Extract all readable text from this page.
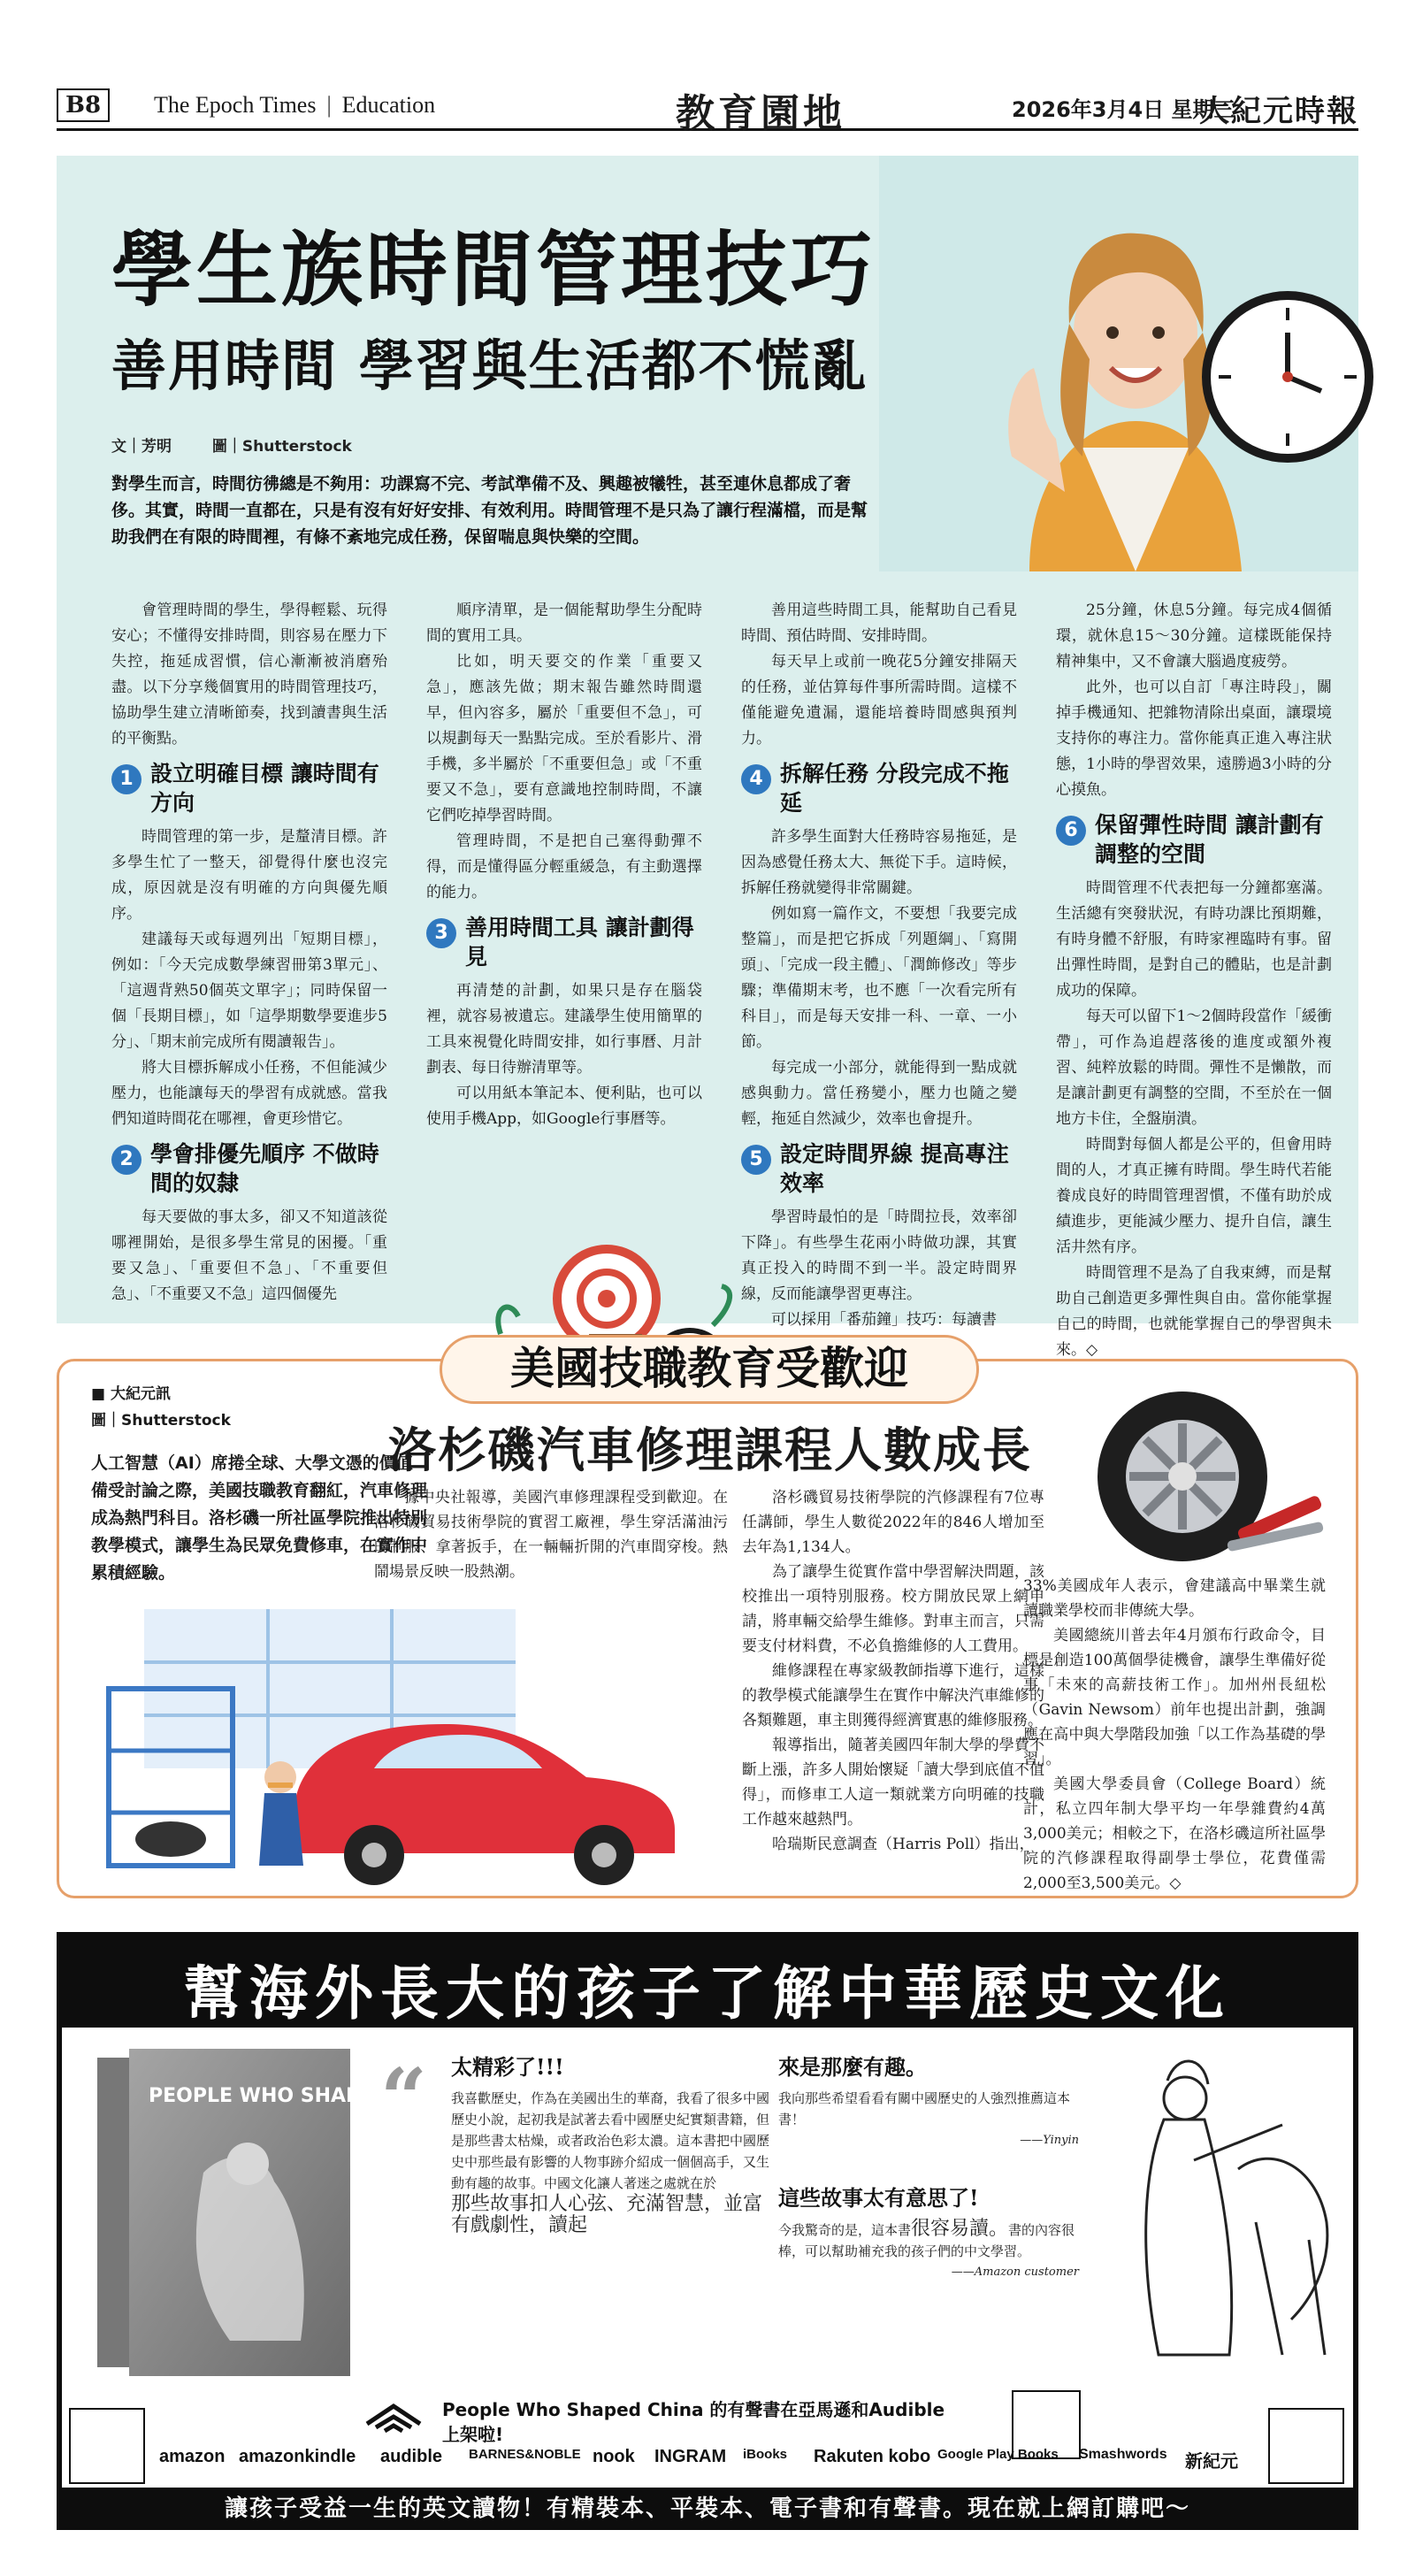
B8	The Epoch Times | Education	教育園地	2026年3月4日 星期三
大紀元時報
學生族時間管理技巧
善用時間 學習與生活都不慌亂
文｜芳明	圖｜Shutterstock

對學生而言，時間彷彿總是不夠用：功課寫不完、考試準備不及、興趣被犧牲，甚至連休息都成了奢侈。其實，時間一直都在，只是有沒有好好安排、有效利用。時間管理不是只為了讓行程滿檔，而是幫助我們在有限的時間裡，有條不紊地完成任務，保留喘息與快樂的空間。

會管理時間的學生，學得輕鬆、玩得安心；不懂得安排時間，則容易在壓力下失控，拖延成習慣，信心漸漸被消磨殆盡。以下分享幾個實用的時間管理技巧，協助學生建立清晰節奏，找到讀書與生活的平衡點。

1 設立明確目標 讓時間有方向

時間管理的第一步，是釐清目標。許多學生忙了一整天，卻覺得什麼也沒完成，原因就是沒有明確的方向與優先順序。

建議每天或每週列出「短期目標」，例如：「今天完成數學練習冊第3單元」、「這週背熟50個英文單字」；同時保留一個「長期目標」，如「這學期數學要進步5分」、「期末前完成所有閱讀報告」。

將大目標拆解成小任務，不但能減少壓力，也能讓每天的學習有成就感。當我們知道時間花在哪裡，會更珍惜它。

2 學會排優先順序 不做時間的奴隸

每天要做的事太多，卻又不知道該從哪裡開始，是很多學生常見的困擾。「重要又急」、「重要但不急」、「不重要但急」、「不重要又不急」這四個優先

順序清單，是一個能幫助學生分配時間的實用工具。

比如，明天要交的作業「重要又急」，應該先做；期末報告雖然時間還早，但內容多，屬於「重要但不急」，可以規劃每天一點點完成。至於看影片、滑手機，多半屬於「不重要但急」或「不重要又不急」，要有意識地控制時間，不讓它們吃掉學習時間。

管理時間，不是把自己塞得動彈不得，而是懂得區分輕重緩急，有主動選擇的能力。

3 善用時間工具 讓計劃得見

再清楚的計劃，如果只是存在腦袋裡，就容易被遺忘。建議學生使用簡單的工具來視覺化時間安排，如行事曆、月計劃表、每日待辦清單等。

可以用紙本筆記本、便利貼，也可以使用手機App，如Google行事曆等。

善用這些時間工具，能幫助自己看見時間、預估時間、安排時間。

每天早上或前一晚花5分鐘安排隔天的任務，並估算每件事所需時間。這樣不僅能避免遺漏，還能培養時間感與預判力。

4 拆解任務 分段完成不拖延

許多學生面對大任務時容易拖延，是因為感覺任務太大、無從下手。這時候，拆解任務就變得非常關鍵。

例如寫一篇作文，不要想「我要完成整篇」，而是把它拆成「列題綱」、「寫開頭」、「完成一段主體」、「潤飾修改」等步驟；準備期末考，也不應「一次看完所有科目」，而是每天安排一科、一章、一小節。

每完成一小部分，就能得到一點成就感與動力。當任務變小，壓力也隨之變輕，拖延自然減少，效率也會提升。

5 設定時間界線 提高專注效率

學習時最怕的是「時間拉長，效率卻下降」。有些學生花兩小時做功課，其實真正投入的時間不到一半。設定時間界線，反而能讓學習更專注。

可以採用「番茄鐘」技巧：每讀書

25分鐘，休息5分鐘。每完成4個循環，就休息15～30分鐘。這樣既能保持精神集中，又不會讓大腦過度疲勞。

此外，也可以自訂「專注時段」，關掉手機通知、把雜物清除出桌面，讓環境支持你的專注力。當你能真正進入專注狀態，1小時的學習效果，遠勝過3小時的分心摸魚。

6 保留彈性時間 讓計劃有調整的空間

時間管理不代表把每一分鐘都塞滿。生活總有突發狀況，有時功課比預期難，有時身體不舒服，有時家裡臨時有事。留出彈性時間，是對自己的體貼，也是計劃成功的保障。

每天可以留下1～2個時段當作「緩衝帶」，可作為追趕落後的進度或額外複習、純粹放鬆的時間。彈性不是懶散，而是讓計劃更有調整的空間，不至於在一個地方卡住，全盤崩潰。

時間對每個人都是公平的，但會用時間的人，才真正擁有時間。學生時代若能養成良好的時間管理習慣，不僅有助於成績進步，更能減少壓力、提升自信，讓生活井然有序。

時間管理不是為了自我束縛，而是幫助自己創造更多彈性與自由。當你能掌握自己的時間，也就能掌握自己的學習與未來。◇

美國技職教育受歡迎
■ 大紀元訊
圖｜Shutterstock

人工智慧（AI）席捲全球、大學文憑的價值備受討論之際，美國技職教育翻紅，汽車修理成為熱門科目。洛杉磯一所社區學院推出特別教學模式，讓學生為民眾免費修車，在實作中累積經驗。

洛杉磯汽車修理課程人數成長

據中央社報導，美國汽車修理課程受到歡迎。在洛杉磯貿易技術學院的實習工廠裡，學生穿活滿油污的制服、拿著扳手，在一輛輛折開的汽車間穿梭。熱鬧場景反映一股熱潮。

洛杉磯貿易技術學院的汽修課程有7位專任講師，學生人數從2022年的846人增加至去年為1,134人。

為了讓學生從實作當中學習解決問題，該校推出一項特別服務。校方開放民眾上網申請，將車輛交給學生維修。對車主而言，只需要支付材料費，不必負擔維修的人工費用。

維修課程在專家級教師指導下進行，這樣的教學模式能讓學生在實作中解決汽車維修的各類難題，車主則獲得經濟實惠的維修服務。

報導指出，隨著美國四年制大學的學費不斷上漲，許多人開始懷疑「讀大學到底值不值得」，而修車工人這一類就業方向明確的技職工作越來越熱門。

哈瑞斯民意調查（Harris Poll）指出，

33%美國成年人表示，會建議高中畢業生就讀職業學校而非傳統大學。

美國總統川普去年4月頒布行政命令，目標是創造100萬個學徒機會，讓學生準備好從事「未來的高薪技術工作」。加州州長紐松（Gavin Newsom）前年也提出計劃，強調應在高中與大學階段加強「以工作為基礎的學習」。

美國大學委員會（College Board）統計，私立四年制大學平均一年學雜費約4萬3,000美元；相較之下，在洛杉磯這所社區學院的汽修課程取得副學士學位，花費僅需2,000至3,500美元。◇

幫海外長大的孩子了解中華歷史文化
PEOPLE WHO SHAPED CHINA
“ 太精彩了!!!
我喜歡歷史，作為在美國出生的華裔，我看了很多中國歷史小說，起初我是試著去看中國歷史紀實類書籍，但是那些書太枯燥，或者政治色彩太濃。這本書把中國歷史中那些最有影響的人物事跡介紹成一個個高手，又生動有趣的故事。中國文化讓人著迷之處就在於
那些故事扣人心弦、充滿智慧，並富有戲劇性，讀起
來是那麼有趣。
我向那些希望看看有關中國歷史的人強烈推薦這本書！
——Yinyin
這些故事太有意思了!
今我驚奇的是，這本書很容易讀。書的內容很棒，可以幫助補充我的孩子們的中文學習。
——Amazon customer
People Who Shaped China 的有聲書在亞馬遜和Audible
上架啦!
amazon amazonkindle audible BARNES&NOBLE nook INGRAM iBooks Rakuten kobo Google Play Books Smashwords 新紀元
讓孩子受益一生的英文讀物！有精裝本、平裝本、電子書和有聲書。現在就上網訂購吧～
